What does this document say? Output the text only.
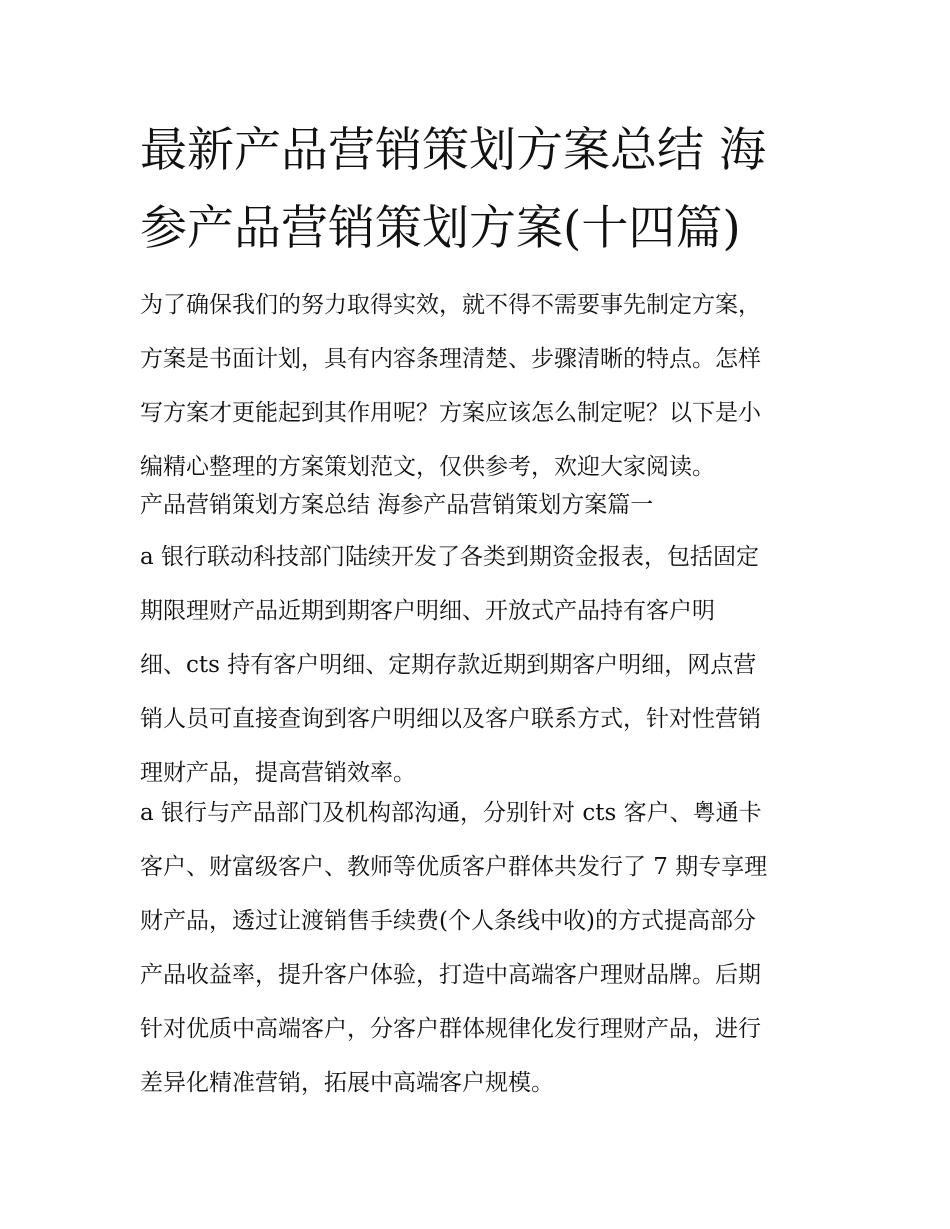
最新产品营销策划方案总结 海
参产品营销策划方案(十四篇)
为了确保我们的努力取得实效，就不得不需要事先制定方案，
方案是书面计划，具有内容条理清楚、步骤清晰的特点。怎样
写方案才更能起到其作用呢？方案应该怎么制定呢？以下是小
编精心整理的方案策划范文，仅供参考，欢迎大家阅读。
产品营销策划方案总结 海参产品营销策划方案篇一
a 银行联动科技部门陆续开发了各类到期资金报表，包括固定
期限理财产品近期到期客户明细、开放式产品持有客户明
细、cts 持有客户明细、定期存款近期到期客户明细，网点营
销人员可直接查询到客户明细以及客户联系方式，针对性营销
理财产品，提高营销效率。
a 银行与产品部门及机构部沟通，分别针对 cts 客户、粤通卡
客户、财富级客户、教师等优质客户群体共发行了 7 期专享理
财产品，透过让渡销售手续费(个人条线中收)的方式提高部分
产品收益率，提升客户体验，打造中高端客户理财品牌。后期
针对优质中高端客户，分客户群体规律化发行理财产品，进行
差异化精准营销，拓展中高端客户规模。
